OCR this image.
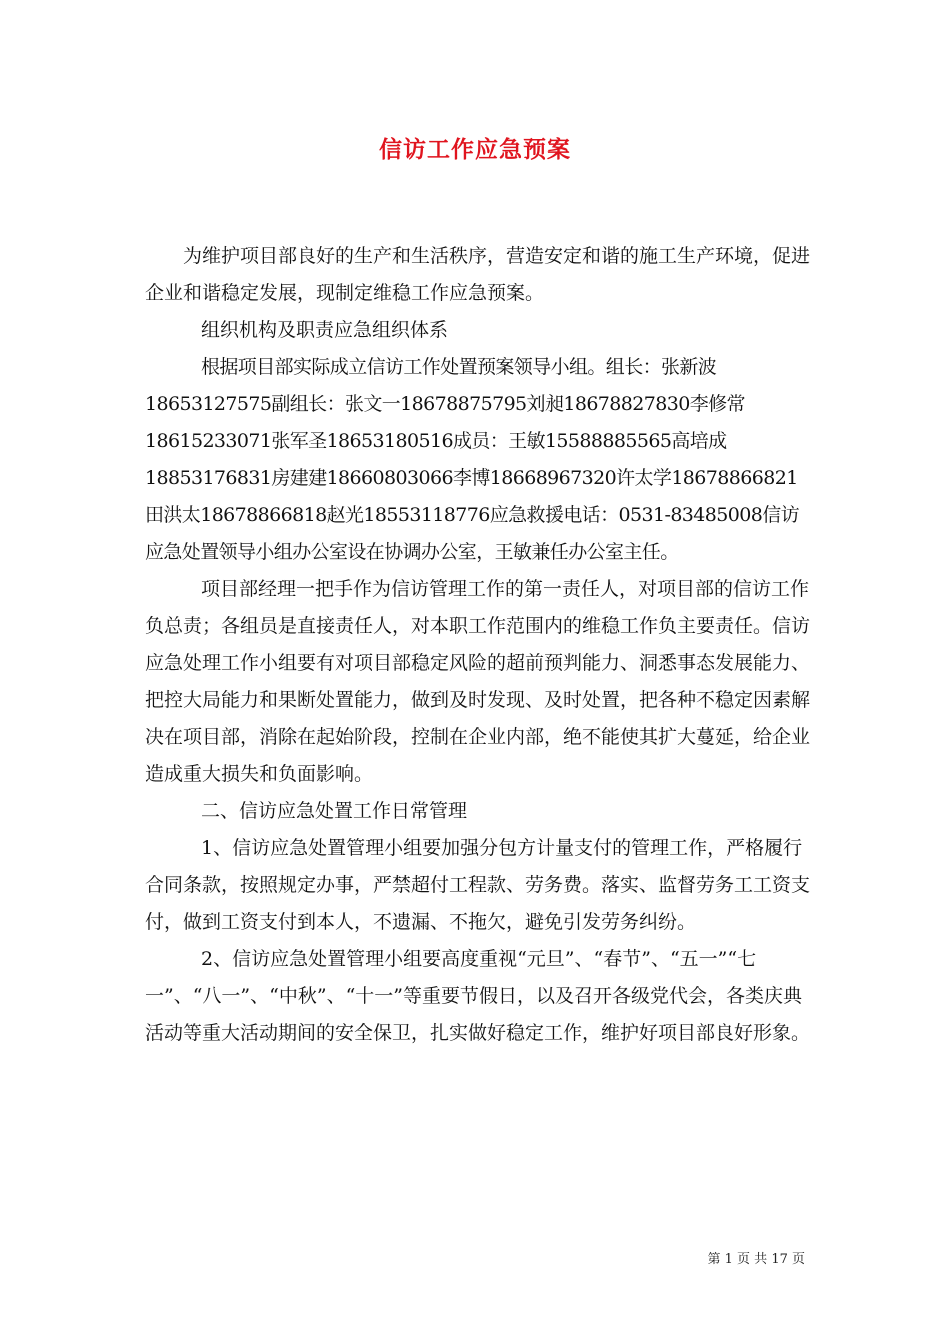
信访工作应急预案

为维护项目部良好的生产和生活秩序，营造安定和谐的施工生产环境，促进企业和谐稳定发展，现制定维稳工作应急预案。

组织机构及职责应急组织体系

根据项目部实际成立信访工作处置预案领导小组。组长：张新波18653127575副组长：张文一18678875795刘昶18678827830李修常18615233071张军圣18653180516成员：王敏15588885565高培成18853176831房建建18660803066李博18668967320许太学18678866821田洪太18678866818赵光18553118776应急救援电话：0531-83485008信访应急处置领导小组办公室设在协调办公室，王敏兼任办公室主任。

项目部经理一把手作为信访管理工作的第一责任人，对项目部的信访工作负总责；各组员是直接责任人，对本职工作范围内的维稳工作负主要责任。信访应急处理工作小组要有对项目部稳定风险的超前预判能力、洞悉事态发展能力、把控大局能力和果断处置能力，做到及时发现、及时处置，把各种不稳定因素解决在项目部，消除在起始阶段，控制在企业内部，绝不能使其扩大蔓延，给企业造成重大损失和负面影响。

二、信访应急处置工作日常管理

1、信访应急处置管理小组要加强分包方计量支付的管理工作，严格履行合同条款，按照规定办事，严禁超付工程款、劳务费。落实、监督劳务工工资支付，做到工资支付到本人，不遗漏、不拖欠，避免引发劳务纠纷。

2、信访应急处置管理小组要高度重视“元旦”、“春节”、“五一”“七一”、“八一”、“中秋”、“十一”等重要节假日，以及召开各级党代会，各类庆典活动等重大活动期间的安全保卫，扎实做好稳定工作，维护好项目部良好形象。

第 1 页 共 17 页
